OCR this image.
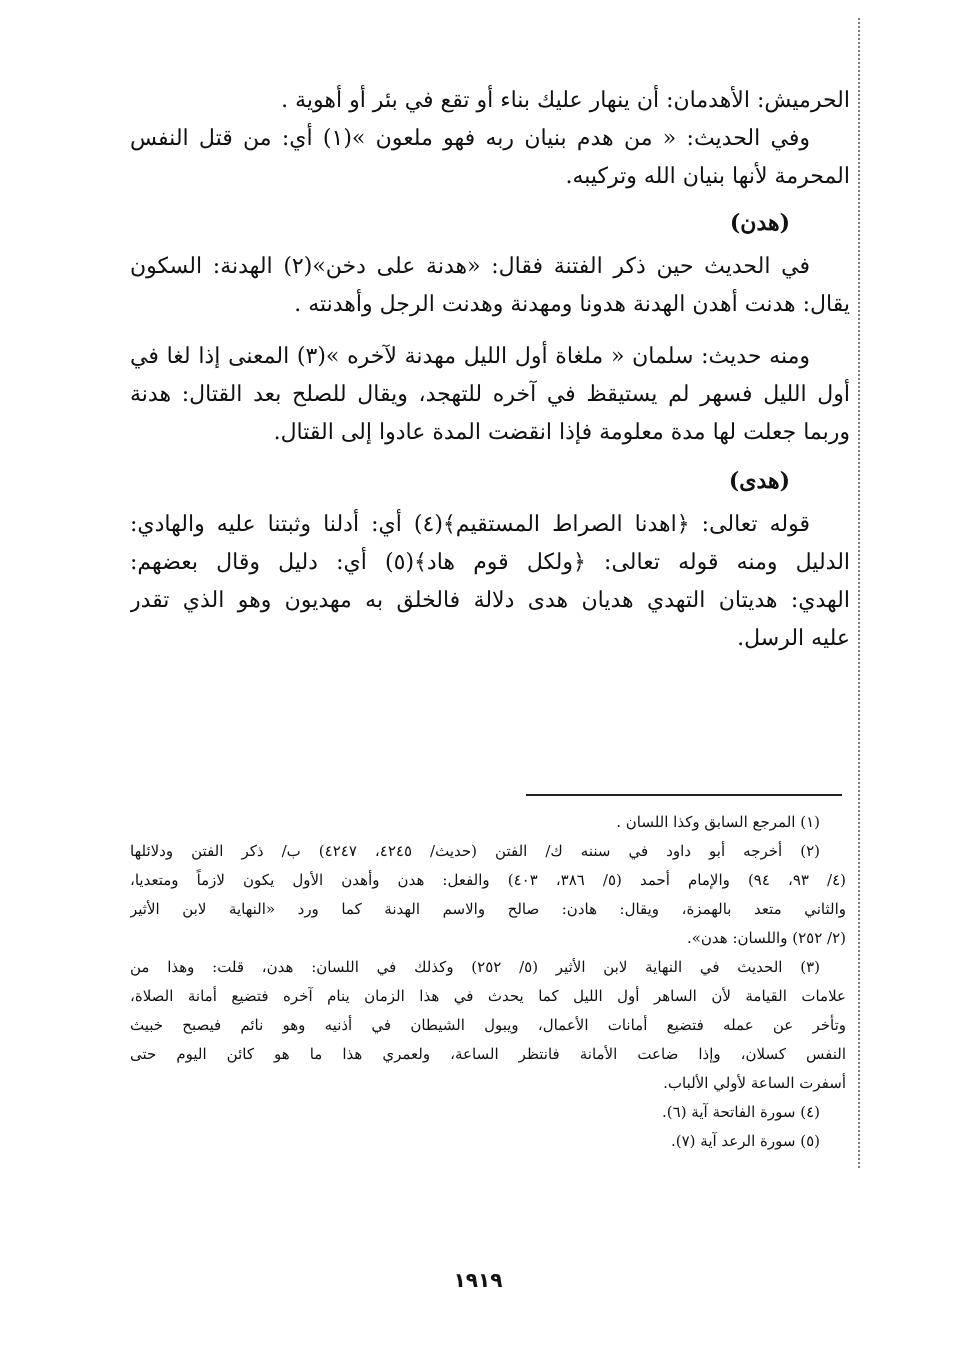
الحرميش: الأهدمان: أن ينهار عليك بناء أو تقع في بئر أو أهوية .
وفي الحديث: « من هدم بنيان ربه فهو ملعون »(١) أي: من قتل النفس
المحرمة لأنها بنيان الله وتركيبه.
(هدن)
في الحديث حين ذكر الفتنة فقال: «هدنة على دخن»(٢) الهدنة: السكون
يقال: هدنت أهدن الهدنة هدونا ومهدنة وهدنت الرجل وأهدنته .
ومنه حديث: سلمان « ملغاة أول الليل مهدنة لآخره »(٣) المعنى إذا لغا في
أول الليل فسهر لم يستيقظ في آخره للتهجد، ويقال للصلح بعد القتال: هدنة
وربما جعلت لها مدة معلومة فإذا انقضت المدة عادوا إلى القتال.
(هدى)
قوله تعالى: ﴿اهدنا الصراط المستقيم﴾(٤) أي: أدلنا وثبتنا عليه والهادي:
الدليل ومنه قوله تعالى: ﴿ولكل قوم هاد﴾(٥) أي: دليل وقال بعضهم:
الهدي: هديتان التهدي هديان هدى دلالة فالخلق به مهديون وهو الذي تقدر
عليه الرسل.
(١) المرجع السابق وكذا اللسان .
(٢) أخرجه أبو داود في سننه ك/ الفتن (حديث/ ٤٢٤٥، ٤٢٤٧) ب/ ذكر الفتن ودلائلها
(٤/ ٩٣، ٩٤) والإمام أحمد (٥/ ٣٨٦، ٤٠٣) والفعل: هدن وأهدن الأول يكون لازماً ومتعديا،
والثاني متعد بالهمزة، ويقال: هادن: صالح والاسم الهدنة كما ورد «النهاية لابن الأثير
(٢/ ٢٥٢) واللسان: هدن».
(٣) الحديث في النهاية لابن الأثير (٥/ ٢٥٢) وكذلك في اللسان: هدن، قلت: وهذا من
علامات القيامة لأن الساهر أول الليل كما يحدث في هذا الزمان ينام آخره فتضيع أمانة الصلاة،
وتأخر عن عمله فتضيع أمانات الأعمال، ويبول الشيطان في أذنيه وهو نائم فيصبح خبيث
النفس كسلان، وإذا ضاعت الأمانة فانتظر الساعة، ولعمري هذا ما هو كائن اليوم حتى
أسفرت الساعة لأولي الألباب.
(٤) سورة الفاتحة آية (٦).
(٥) سورة الرعد آية (٧).
١٩١٩
